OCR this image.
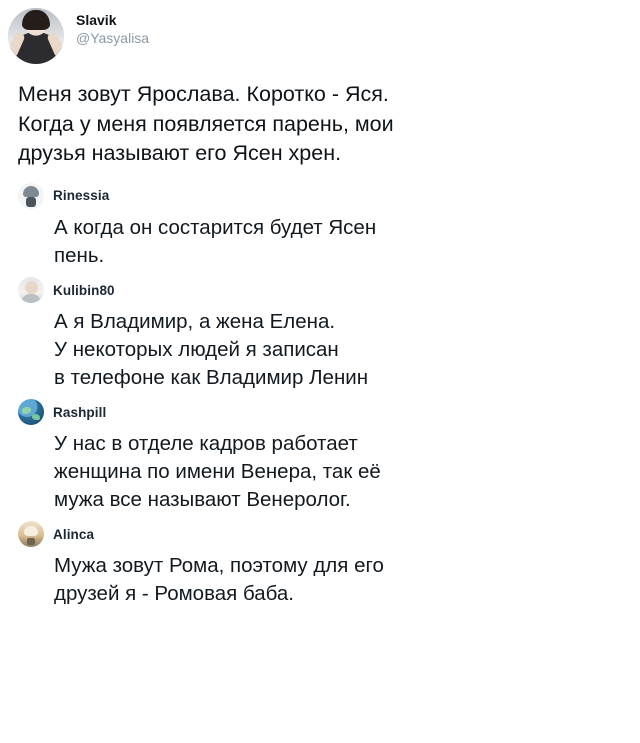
Slavik
@Yasyalisa
Меня зовут Ярослава. Коротко - Яся.
Когда у меня появляется парень, мои
друзья называют его Ясен хрен.
Rinessia
А когда он состарится будет Ясен
пень.
Kulibin80
А я Владимир, а жена Елена.
У некоторых людей я записан
в телефоне как Владимир Ленин
Rashpill
У нас в отделе кадров работает
женщина по имени Венера, так её
мужа все называют Венеролог.
Alinca
Мужа зовут Рома, поэтому для его
друзей я - Ромовая баба.
